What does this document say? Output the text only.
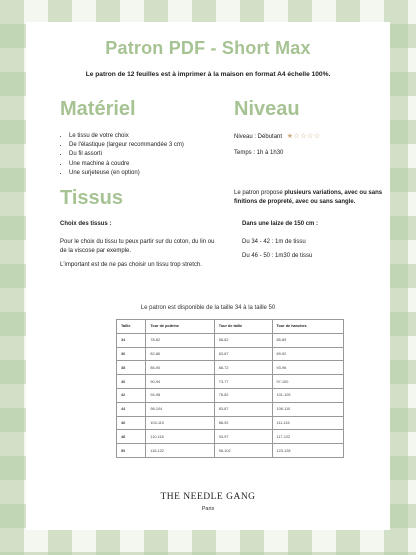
Patron PDF - Short Max
Le patron de 12 feuilles est à imprimer à la maison en format A4 échelle 100%.
Matériel
• Le tissu de votre choix
• De l'élastique (largeur recommandée 3 cm)
• Du fil assorti
• Une machine à coudre
• Une surjeteuse (en option)
Niveau
Niveau : Débutant ★☆☆☆☆
Temps : 1h à 1h30
Le patron propose plusieurs variations, avec ou sans finitions de propreté, avec ou sans sangle.
Tissus
Choix des tissus :
Pour le choix du tissu tu peux partir sur du coton, du lin ou de la viscose par exemple.
L'important est de ne pas choisir un tissu trop stretch.
Dans une laize de 150 cm :
Du 34 - 42 : 1m de tissu
Du 46 - 50 : 1m30 de tissu
Le patron est disponible de la taille 34 à la taille 50
Taille	Tour de poitrine	Tour de taille	Tour de hanches
34	78-82	58-62	85-89
36	82-86	63-67	89-92
38	86-90	68-72	93-96
40	90-94	73-77	97-100
42	94-98	78-82	101-105
44	98-104	83-87	106-110
46	104-110	88-92	111-116
48	110-116	93-97	117-122
50	116-122	98-102	123-128
THE NEEDLE GANG
Paris
